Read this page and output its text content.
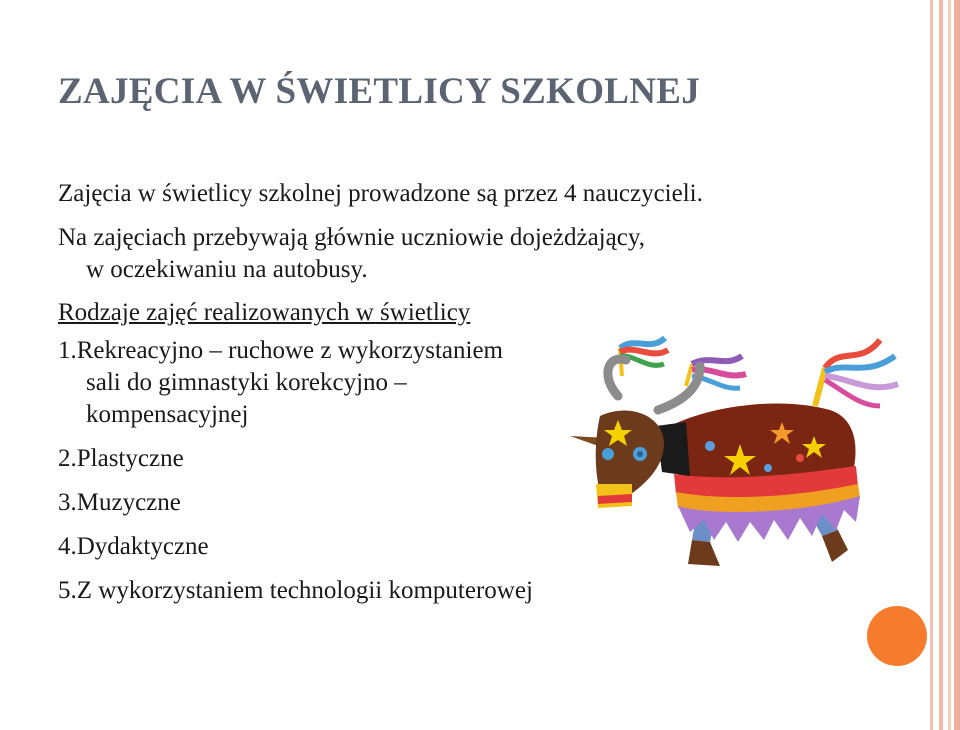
ZAJĘCIA W ŚWIETLICY SZKOLNEJ

Zajęcia w świetlicy szkolnej prowadzone są przez 4 nauczycieli.

Na zajęciach przebywają głównie uczniowie dojeżdżający,

w oczekiwaniu na autobusy.

Rodzaje zajęć realizowanych w świetlicy

1.Rekreacyjno – ruchowe z wykorzystaniem

sali do gimnastyki korekcyjno –

kompensacyjnej

2.Plastyczne

3.Muzyczne

4.Dydaktyczne

5.Z wykorzystaniem technologii komputerowej
